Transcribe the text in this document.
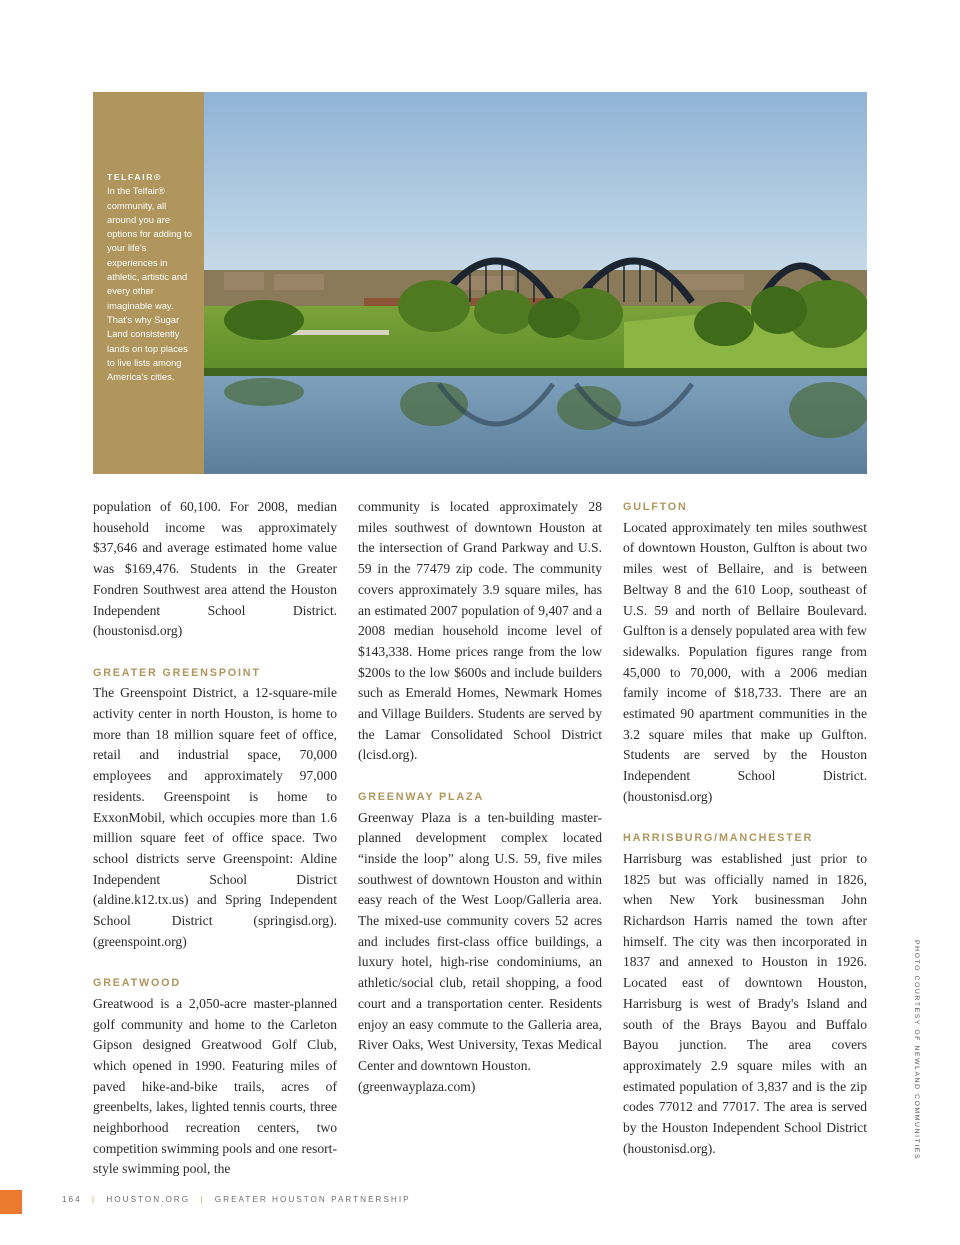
TELFAIR®
In the Telfair® community, all around you are options for adding to your life's experiences in athletic, artistic and every other imaginable way. That's why Sugar Land consistently lands on top places to live lists among America's cities.

population of 60,100. For 2008, median household income was approximately $37,646 and average estimated home value was $169,476. Students in the Greater Fondren Southwest area attend the Houston Independent School District. (houstonisd.org)

GREATER GREENSPOINT

The Greenspoint District, a 12-square-mile activity center in north Houston, is home to more than 18 million square feet of office, retail and industrial space, 70,000 employees and approximately 97,000 residents. Greenspoint is home to ExxonMobil, which occupies more than 1.6 million square feet of office space. Two school districts serve Greenspoint: Aldine Independent School District (aldine.k12.tx.us) and Spring Independent School District (springisd.org). (greenspoint.org)

GREATWOOD

Greatwood is a 2,050-acre master-planned golf community and home to the Carleton Gipson designed Greatwood Golf Club, which opened in 1990. Featuring miles of paved hike-and-bike trails, acres of greenbelts, lakes, lighted tennis courts, three neighborhood recreation centers, two competition swimming pools and one resort-style swimming pool, the

community is located approximately 28 miles southwest of downtown Houston at the intersection of Grand Parkway and U.S. 59 in the 77479 zip code. The community covers approximately 3.9 square miles, has an estimated 2007 population of 9,407 and a 2008 median household income level of $143,338. Home prices range from the low $200s to the low $600s and include builders such as Emerald Homes, Newmark Homes and Village Builders. Students are served by the Lamar Consolidated School District (lcisd.org).

GREENWAY PLAZA

Greenway Plaza is a ten-building master-planned development complex located “inside the loop” along U.S. 59, five miles southwest of downtown Houston and within easy reach of the West Loop/Galleria area. The mixed-use community covers 52 acres and includes first-class office buildings, a luxury hotel, high-rise condominiums, an athletic/social club, retail shopping, a food court and a transportation center. Residents enjoy an easy commute to the Galleria area, River Oaks, West University, Texas Medical Center and downtown Houston.

(greenwayplaza.com)

GULFTON

Located approximately ten miles southwest of downtown Houston, Gulfton is about two miles west of Bellaire, and is between Beltway 8 and the 610 Loop, southeast of U.S. 59 and north of Bellaire Boulevard. Gulfton is a densely populated area with few sidewalks. Population figures range from 45,000 to 70,000, with a 2006 median family income of $18,733. There are an estimated 90 apartment communities in the 3.2 square miles that make up Gulfton. Students are served by the Houston Independent School District. (houstonisd.org)

HARRISBURG/MANCHESTER

Harrisburg was established just prior to 1825 but was officially named in 1826, when New York businessman John Richardson Harris named the town after himself. The city was then incorporated in 1837 and annexed to Houston in 1926. Located east of downtown Houston, Harrisburg is west of Brady's Island and south of the Brays Bayou and Buffalo Bayou junction. The area covers approximately 2.9 square miles with an estimated population of 3,837 and is the zip codes 77012 and 77017. The area is served by the Houston Independent School District (houstonisd.org).	PHOTO COURTESY OF NEWLAND COMMUNITIES
164 | HOUSTON.ORG | GREATER HOUSTON PARTNERSHIP
